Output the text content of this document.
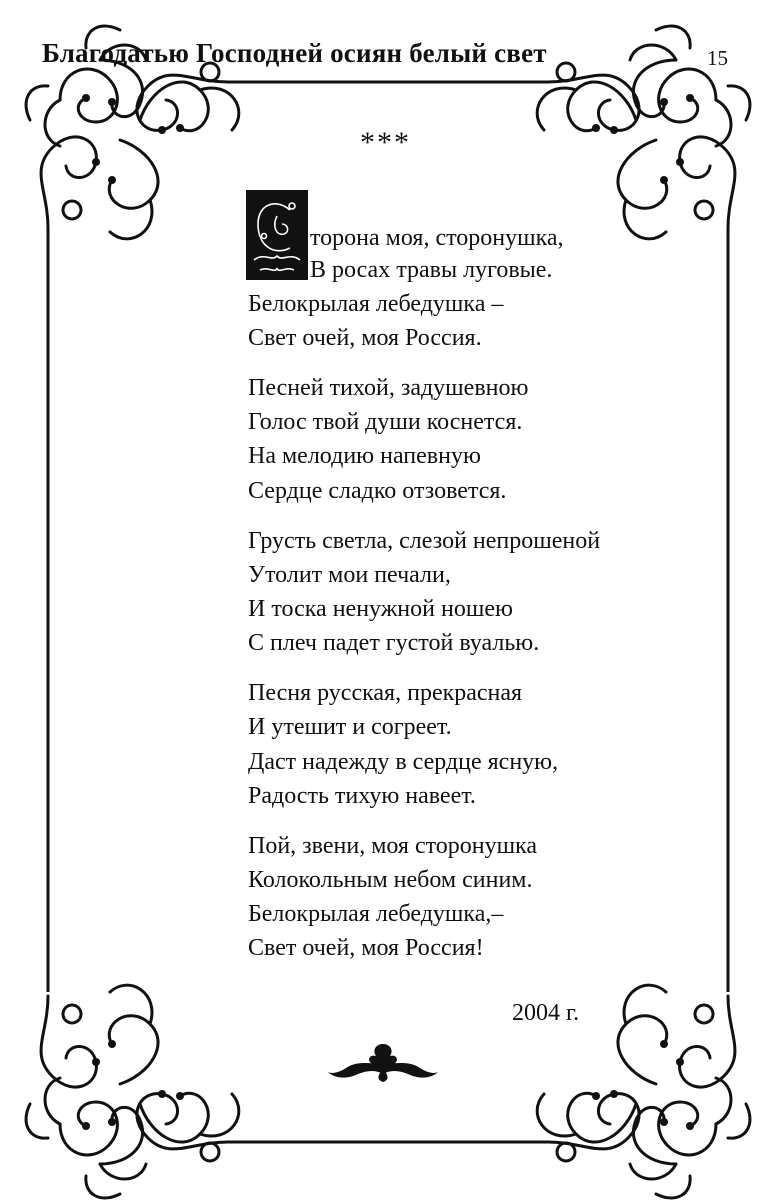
Благодатью Господней осиян белый свет	15
***
С
торона моя, сторонушка,
В росах травы луговые.
Белокрылая лебедушка –
Свет очей, моя Россия.
Песней тихой, задушевною
Голос твой души коснется.
На мелодию напевную
Сердце сладко отзовется.
Грусть светла, слезой непрошеной
Утолит мои печали,
И тоска ненужной ношею
С плеч падет густой вуалью.
Песня русская, прекрасная
И утешит и согреет.
Даст надежду в сердце ясную,
Радость тихую навеет.
Пой, звени, моя сторонушка
Колокольным небом синим.
Белокрылая лебедушка,–
Свет очей, моя Россия!
2004 г.
